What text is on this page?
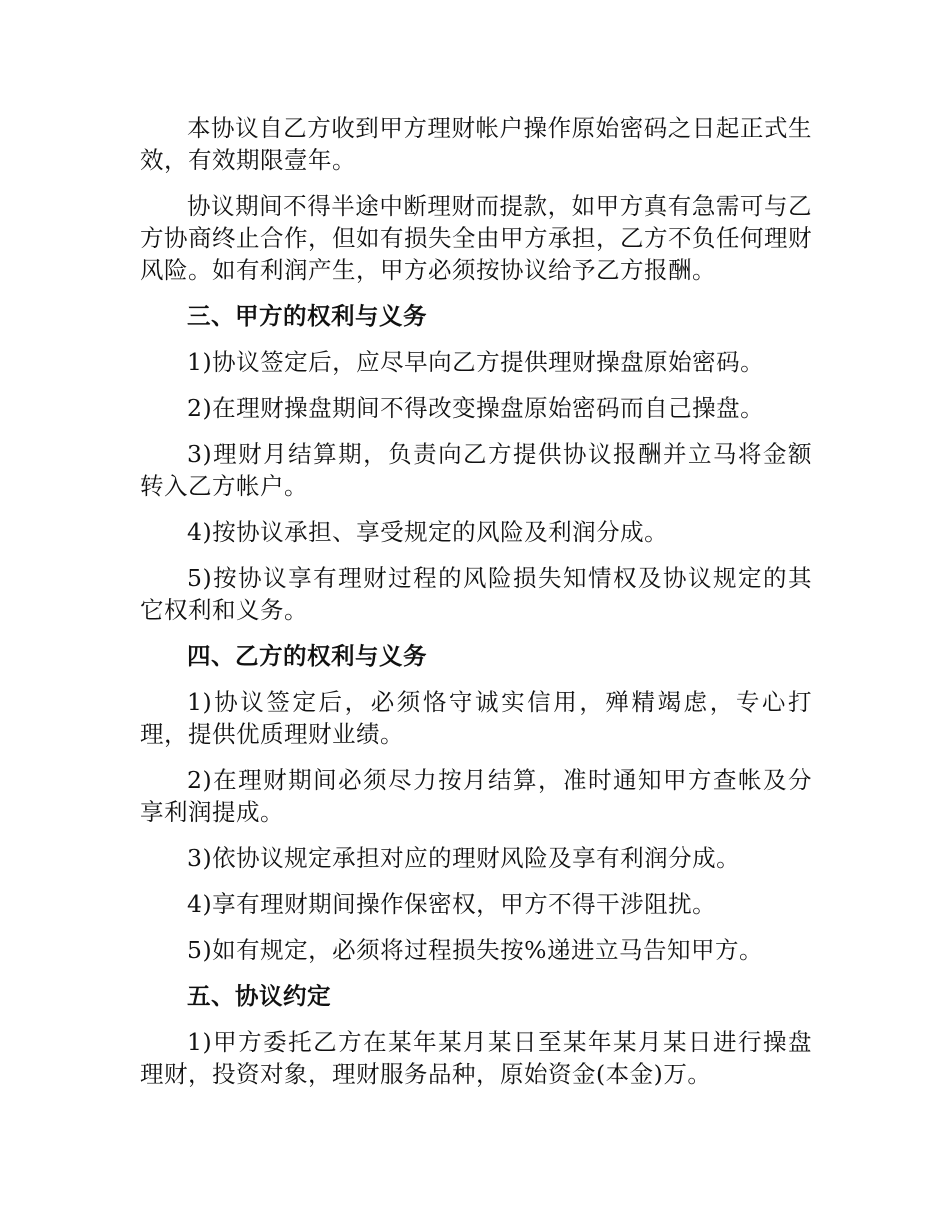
本协议自乙方收到甲方理财帐户操作原始密码之日起正式生效，有效期限壹年。

协议期间不得半途中断理财而提款，如甲方真有急需可与乙方协商终止合作，但如有损失全由甲方承担，乙方不负任何理财风险。如有利润产生，甲方必须按协议给予乙方报酬。

三、甲方的权利与义务

1)协议签定后，应尽早向乙方提供理财操盘原始密码。

2)在理财操盘期间不得改变操盘原始密码而自己操盘。

3)理财月结算期，负责向乙方提供协议报酬并立马将金额转入乙方帐户。

4)按协议承担、享受规定的风险及利润分成。

5)按协议享有理财过程的风险损失知情权及协议规定的其它权利和义务。

四、乙方的权利与义务

1)协议签定后，必须恪守诚实信用，殚精竭虑，专心打理，提供优质理财业绩。

2)在理财期间必须尽力按月结算，准时通知甲方查帐及分享利润提成。

3)依协议规定承担对应的理财风险及享有利润分成。

4)享有理财期间操作保密权，甲方不得干涉阻扰。

5)如有规定，必须将过程损失按%递进立马告知甲方。

五、协议约定

1)甲方委托乙方在某年某月某日至某年某月某日进行操盘理财，投资对象，理财服务品种，原始资金(本金)万。
